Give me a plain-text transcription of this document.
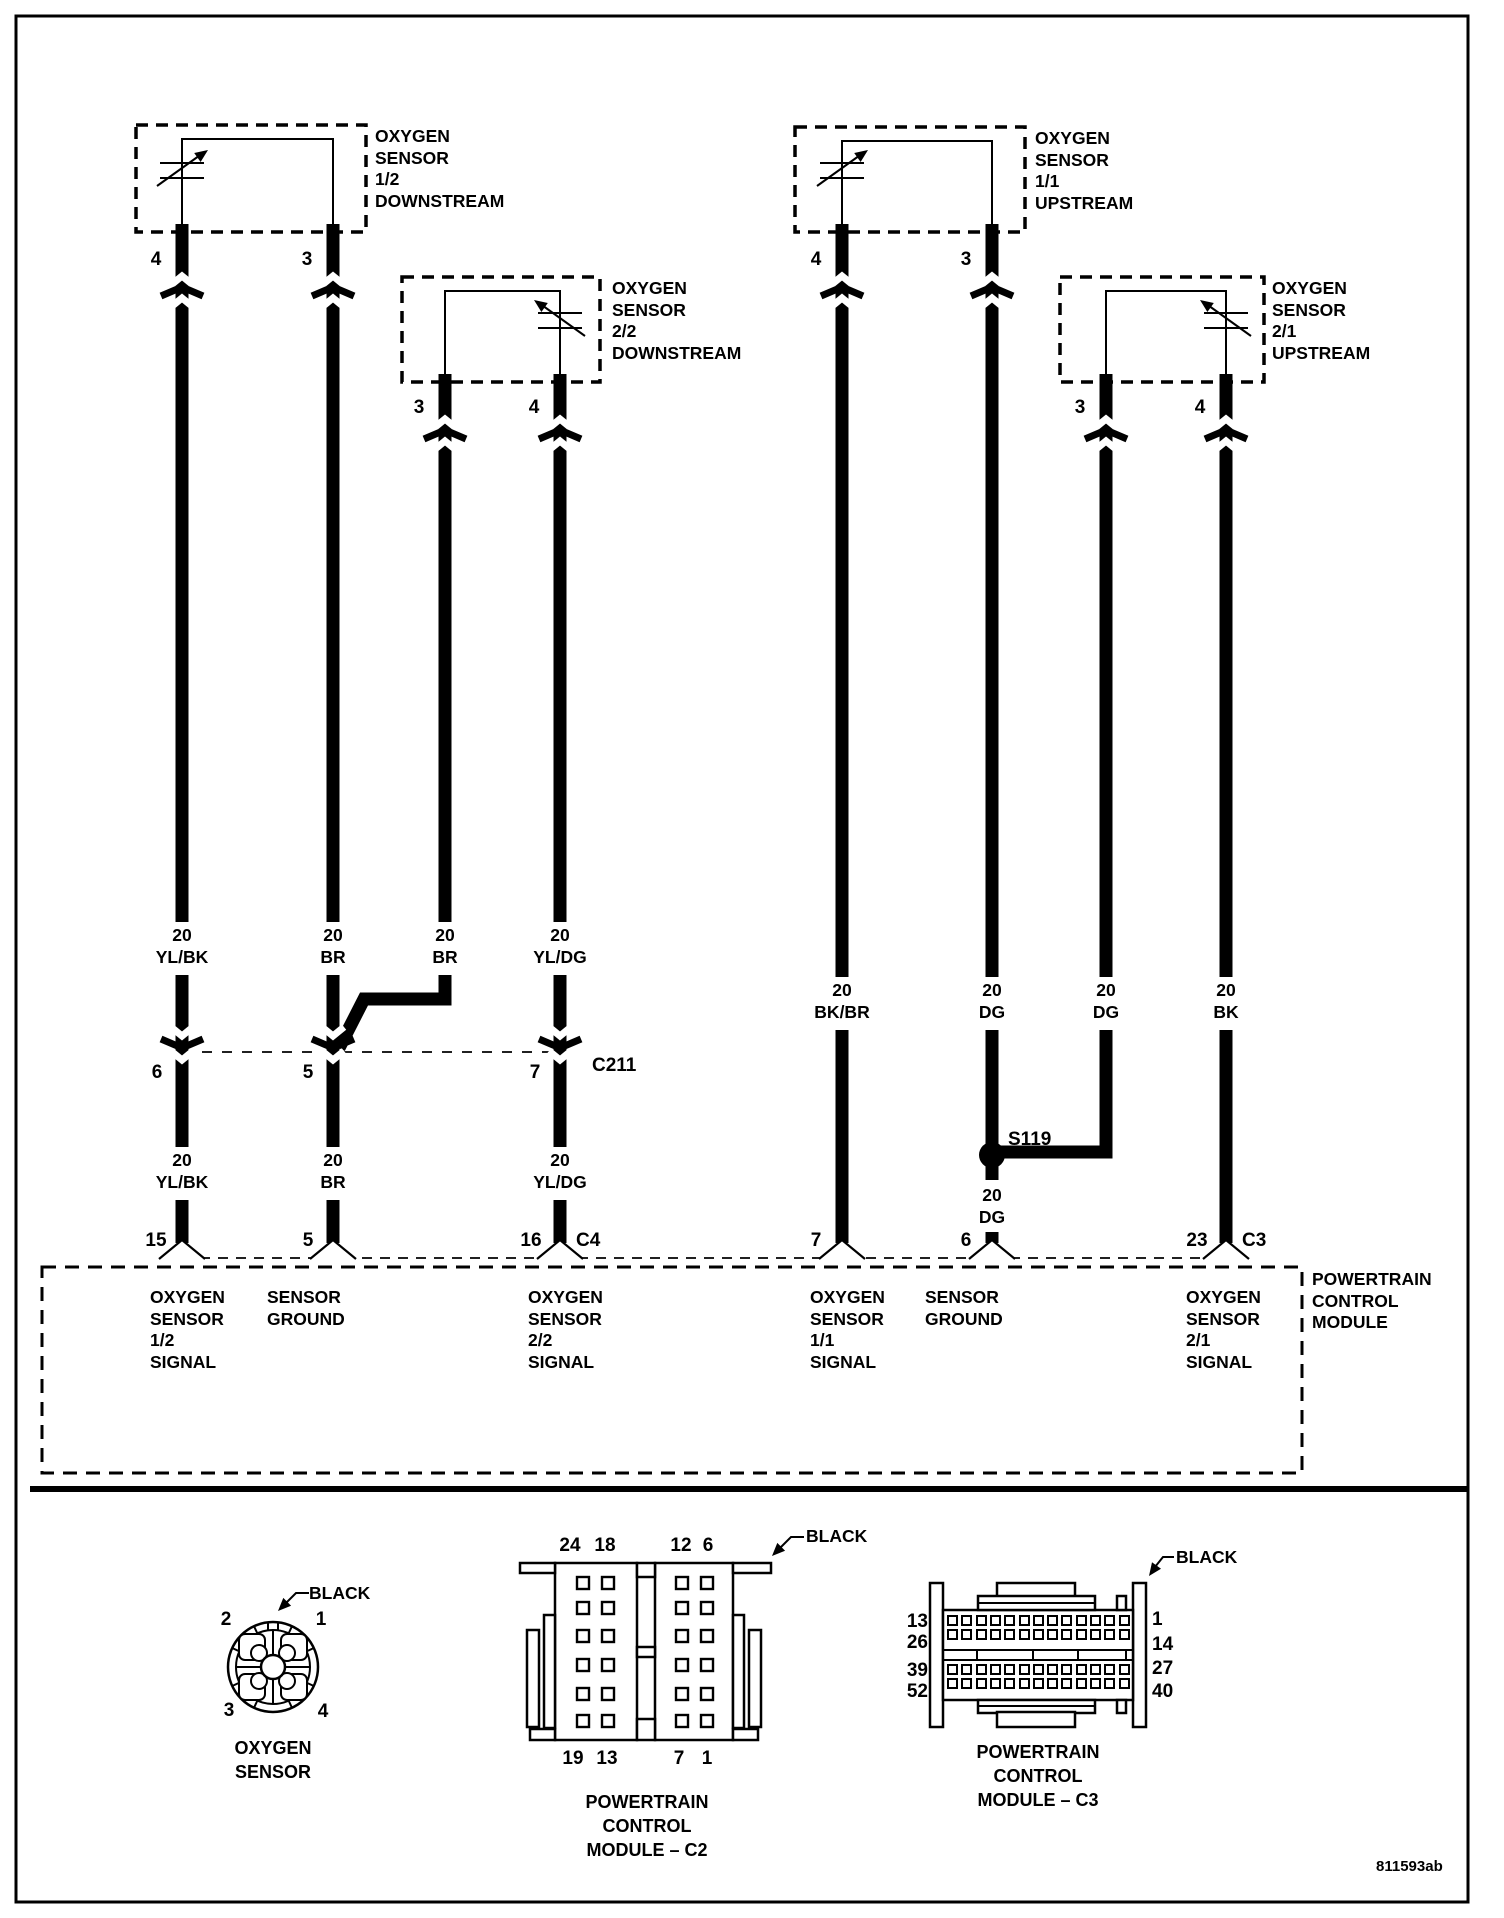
OXYGEN
SENSOR
1/2
DOWNSTREAM
OXYGEN
SENSOR
2/2
DOWNSTREAM
OXYGEN
SENSOR
1/1
UPSTREAM
OXYGEN
SENSOR
2/1
UPSTREAM
4	3
3	4
4	3
3	4
20
YL/BK
20
BR
20
BR
20
YL/DG
20
BK/BR
20
DG
20
DG
20
BK
20
YL/BK
20
BR
20
YL/DG
20
DG
6	5	7	C211
S119
15	5	16 C4	7	6	23 C3
OXYGEN
SENSOR
1/2
SIGNAL
SENSOR
GROUND
OXYGEN
SENSOR
2/2
SIGNAL
OXYGEN
SENSOR
1/1
SIGNAL
SENSOR
GROUND
OXYGEN
SENSOR
2/1
SIGNAL
POWERTRAIN
CONTROL
MODULE
BLACK
2	1
3	4
OXYGEN
SENSOR
BLACK
24 18	12 6
19 13	7 1
POWERTRAIN
CONTROL
MODULE – C2
BLACK
13
26
39
52
1
14
27
40
POWERTRAIN
CONTROL
MODULE – C3
811593ab
